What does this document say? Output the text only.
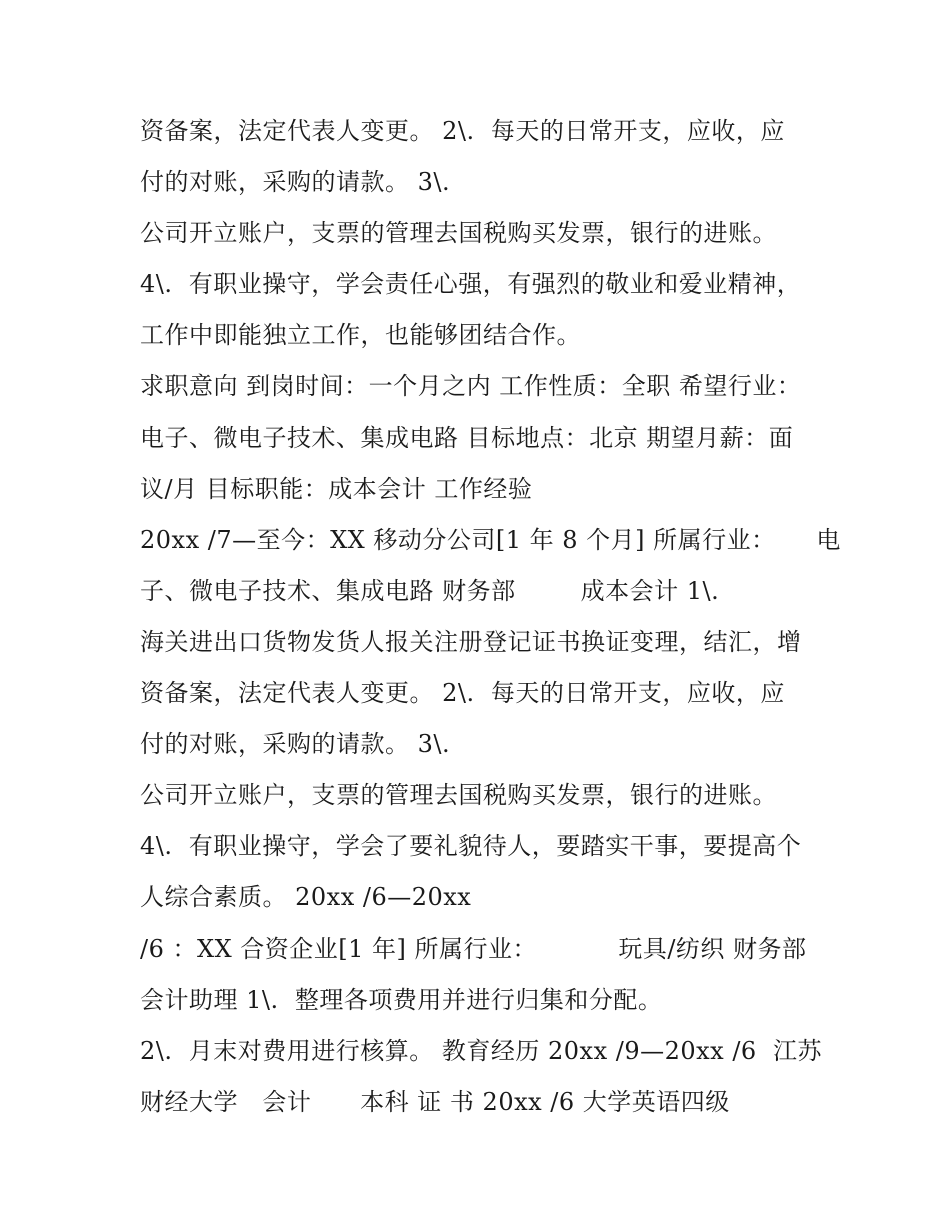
资备案，法定代表人变更。 2\.  每天的日常开支，应收，应
付的对账，采购的请款。 3\.
公司开立账户，支票的管理去国税购买发票，银行的进账。
4\.  有职业操守，学会责任心强，有强烈的敬业和爱业精神，
工作中即能独立工作，也能够团结合作。
求职意向 到岗时间：一个月之内 工作性质：全职 希望行业：
电子、微电子技术、集成电路 目标地点：北京 期望月薪：面
议/月 目标职能：成本会计 工作经验
20xx /7—至今：XX 移动分公司[1 年 8 个月] 所属行业：     电
子、微电子技术、集成电路 财务部        成本会计 1\.
海关进出口货物发货人报关注册登记证书换证变理，结汇，增
资备案，法定代表人变更。 2\.  每天的日常开支，应收，应
付的对账，采购的请款。 3\.
公司开立账户，支票的管理去国税购买发票，银行的进账。
4\.  有职业操守，学会了要礼貌待人，要踏实干事，要提高个
人综合素质。 20xx /6—20xx
/6 ：XX 合资企业[1 年] 所属行业：          玩具/纺织 财务部
会计助理 1\.  整理各项费用并进行归集和分配。
2\.  月末对费用进行核算。 教育经历 20xx /9—20xx /6  江苏
财经大学   会计      本科 证 书 20xx /6 大学英语四级
